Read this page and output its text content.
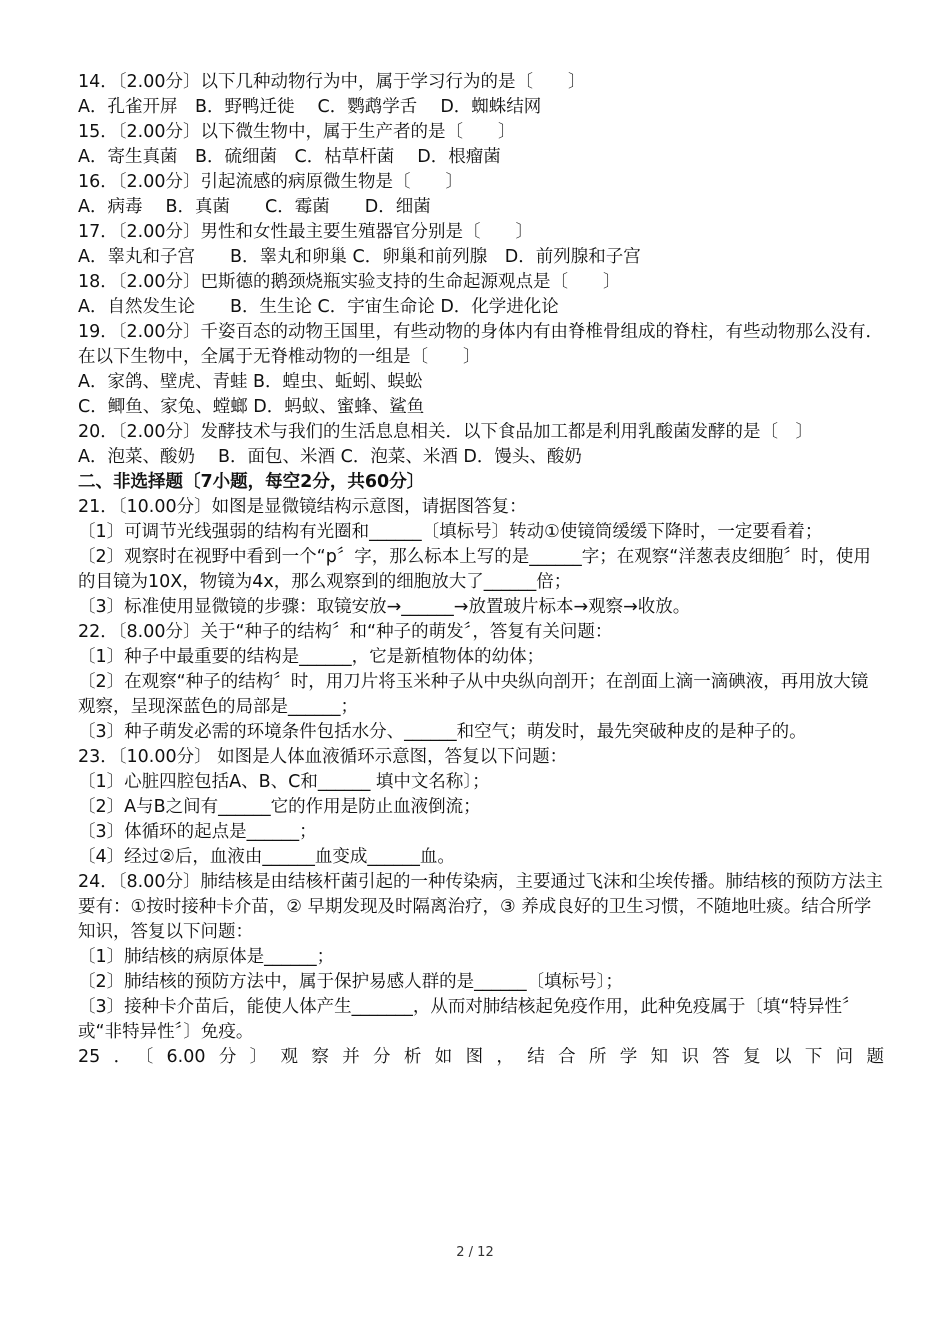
14．〔2.00分〕以下几种动物行为中，属于学习行为的是〔　　〕
A．孔雀开屏　B．野鸭迁徙　 C．鹦鹉学舌　 D．蜘蛛结网
15．〔2.00分〕以下微生物中，属于生产者的是〔　　〕
A．寄生真菌　B．硫细菌　C．枯草杆菌　 D．根瘤菌
16．〔2.00分〕引起流感的病原微生物是〔　　〕
A．病毒　 B．真菌　　C．霉菌　　D．细菌
17．〔2.00分〕男性和女性最主要生殖器官分别是〔　　〕
A．睾丸和子宫　　B．睾丸和卵巢 C．卵巢和前列腺　D．前列腺和子宫
18．〔2.00分〕巴斯德的鹅颈烧瓶实验支持的生命起源观点是〔　　〕
A．自然发生论　　B．生生论 C．宇宙生命论 D．化学进化论
19．〔2.00分〕千姿百态的动物王国里，有些动物的身体内有由脊椎骨组成的脊柱，有些动物那么没有．在以下生物中，全属于无脊椎动物的一组是〔　　〕
A．家鸽、壁虎、青蛙 B．蝗虫、蚯蚓、蜈蚣
C．鲫鱼、家兔、螳螂 D．蚂蚁、蜜蜂、鲨鱼
20．〔2.00分〕发酵技术与我们的生活息息相关．以下食品加工都是利用乳酸菌发酵的是〔　〕
A．泡菜、酸奶　 B．面包、米酒 C．泡菜、米酒 D．馒头、酸奶
二、非选择题〔7小题，每空2分，共60分〕
21．〔10.00分〕如图是显微镜结构示意图，请据图答复：
〔1〕可调节光线强弱的结构有光圈和______〔填标号〕转动①使镜筒缓缓下降时，一定要看着；
〔2〕观察时在视野中看到一个“p〞字，那么标本上写的是______字；在观察“洋葱表皮细胞〞时，使用的目镜为10X，物镜为4x，那么观察到的细胞放大了______倍；
〔3〕标准使用显微镜的步骤：取镜安放→______→放置玻片标本→观察→收放。
22．〔8.00分〕关于“种子的结构〞和“种子的萌发〞，答复有关问题：
〔1〕种子中最重要的结构是______，它是新植物体的幼体；
〔2〕在观察“种子的结构〞时，用刀片将玉米种子从中央纵向剖开；在剖面上滴一滴碘液，再用放大镜观察，呈现深蓝色的局部是______；
〔3〕种子萌发必需的环境条件包括水分、______和空气；萌发时，最先突破种皮的是种子的。
23．〔10.00分〕 如图是人体血液循环示意图，答复以下问题：
〔1〕心脏四腔包括A、B、C和______ 填中文名称〕；
〔2〕A与B之间有______它的作用是防止血液倒流；
〔3〕体循环的起点是______；
〔4〕经过②后，血液由______血变成______血。
24．〔8.00分〕肺结核是由结核杆菌引起的一种传染病，主要通过飞沫和尘埃传播。肺结核的预防方法主要有：①按时接种卡介苗，② 早期发现及时隔离治疗，③ 养成良好的卫生习惯，不随地吐痰。结合所学知识，答复以下问题：
〔1〕肺结核的病原体是______；
〔2〕肺结核的预防方法中，属于保护易感人群的是______〔填标号〕；
〔3〕接种卡介苗后，能使人体产生_______，从而对肺结核起免疫作用，此种免疫属于〔填“特异性〞或“非特异性〞〕免疫。
25．〔6.00分〕观察并分析如图，结合所学知识答复以下问题
2 / 12
